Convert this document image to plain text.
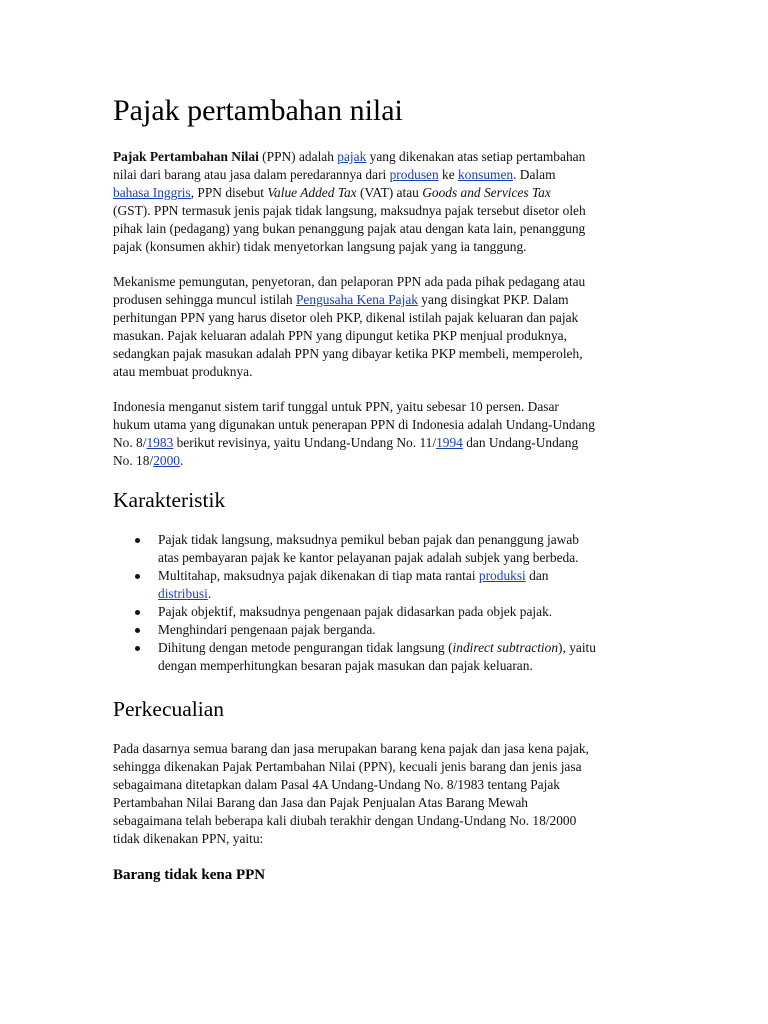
Pajak pertambahan nilai

Pajak Pertambahan Nilai (PPN) adalah pajak yang dikenakan atas setiap pertambahan
nilai dari barang atau jasa dalam peredarannya dari produsen ke konsumen. Dalam
bahasa Inggris, PPN disebut Value Added Tax (VAT) atau Goods and Services Tax
(GST). PPN termasuk jenis pajak tidak langsung, maksudnya pajak tersebut disetor oleh
pihak lain (pedagang) yang bukan penanggung pajak atau dengan kata lain, penanggung
pajak (konsumen akhir) tidak menyetorkan langsung pajak yang ia tanggung.

Mekanisme pemungutan, penyetoran, dan pelaporan PPN ada pada pihak pedagang atau
produsen sehingga muncul istilah Pengusaha Kena Pajak yang disingkat PKP. Dalam
perhitungan PPN yang harus disetor oleh PKP, dikenal istilah pajak keluaran dan pajak
masukan. Pajak keluaran adalah PPN yang dipungut ketika PKP menjual produknya,
sedangkan pajak masukan adalah PPN yang dibayar ketika PKP membeli, memperoleh,
atau membuat produknya.

Indonesia menganut sistem tarif tunggal untuk PPN, yaitu sebesar 10 persen. Dasar
hukum utama yang digunakan untuk penerapan PPN di Indonesia adalah Undang-Undang
No. 8/1983 berikut revisinya, yaitu Undang-Undang No. 11/1994 dan Undang-Undang
No. 18/2000.

Karakteristik
Pajak tidak langsung, maksudnya pemikul beban pajak dan penanggung jawab
atas pembayaran pajak ke kantor pelayanan pajak adalah subjek yang berbeda.
Multitahap, maksudnya pajak dikenakan di tiap mata rantai produksi dan
distribusi.
Pajak objektif, maksudnya pengenaan pajak didasarkan pada objek pajak.
Menghindari pengenaan pajak berganda.
Dihitung dengan metode pengurangan tidak langsung (indirect subtraction), yaitu
dengan memperhitungkan besaran pajak masukan dan pajak keluaran.
Perkecualian

Pada dasarnya semua barang dan jasa merupakan barang kena pajak dan jasa kena pajak,
sehingga dikenakan Pajak Pertambahan Nilai (PPN), kecuali jenis barang dan jenis jasa
sebagaimana ditetapkan dalam Pasal 4A Undang-Undang No. 8/1983 tentang Pajak
Pertambahan Nilai Barang dan Jasa dan Pajak Penjualan Atas Barang Mewah
sebagaimana telah beberapa kali diubah terakhir dengan Undang-Undang No. 18/2000
tidak dikenakan PPN, yaitu:

Barang tidak kena PPN
